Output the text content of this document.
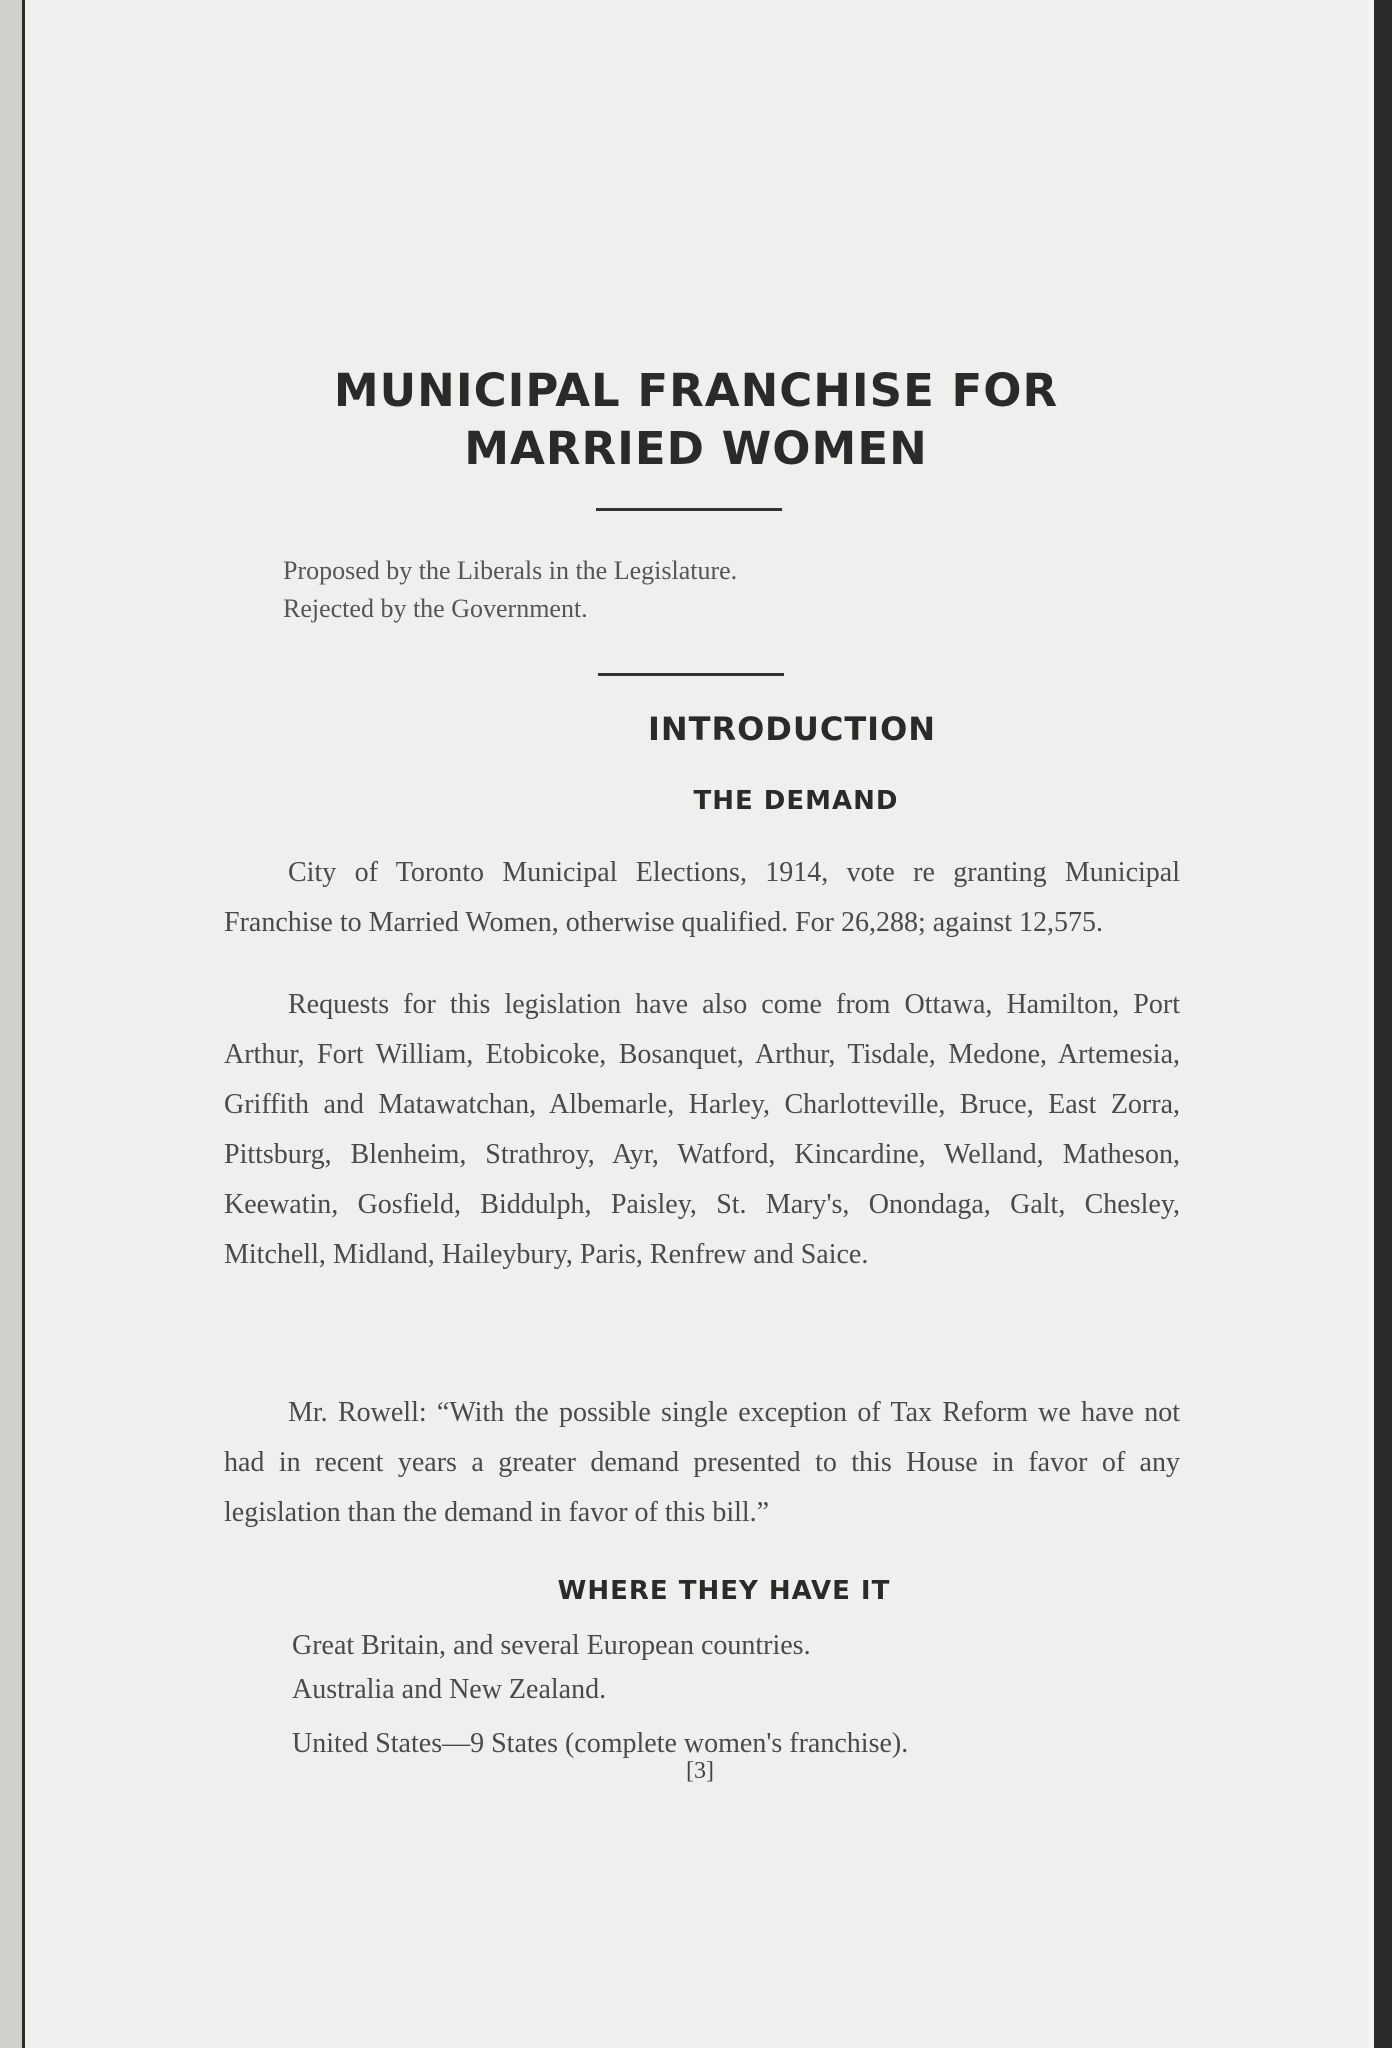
MUNICIPAL FRANCHISE FOR
MARRIED WOMEN
Proposed by the Liberals in the Legislature.
Rejected by the Government.
INTRODUCTION
THE DEMAND

City of Toronto Municipal Elections, 1914, vote re granting Municipal Franchise to Married Women, otherwise qualified. For 26,288; against 12,575.

Requests for this legislation have also come from Ottawa, Hamilton, Port Arthur, Fort William, Etobicoke, Bosanquet, Arthur, Tisdale, Medone, Artemesia, Griffith and Matawatchan, Albemarle, Harley, Charlotteville, Bruce, East Zorra, Pittsburg, Blenheim, Strathroy, Ayr, Watford, Kincardine, Welland, Matheson, Keewatin, Gosfield, Biddulph, Paisley, St. Mary's, Onondaga, Galt, Chesley, Mitchell, Midland, Haileybury, Paris, Renfrew and Saice.

Mr. Rowell: “With the possible single exception of Tax Reform we have not had in recent years a greater demand presented to this House in favor of any legislation than the demand in favor of this bill.”

WHERE THEY HAVE IT
Great Britain, and several European countries.
Australia and New Zealand.
United States—9 States (complete women's franchise).
[3]
